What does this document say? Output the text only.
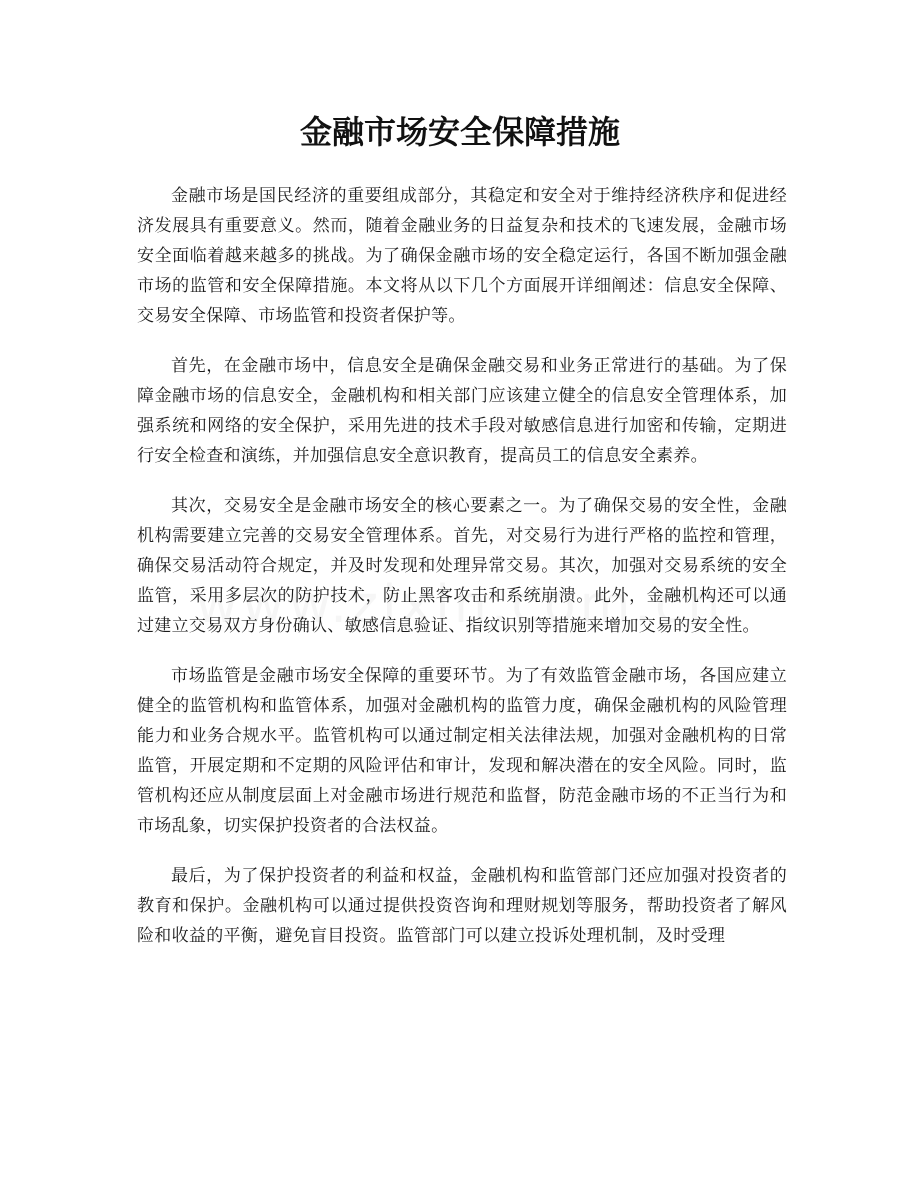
金融市场安全保障措施

金融市场是国民经济的重要组成部分，其稳定和安全对于维持经济秩序和促进经济发展具有重要意义。然而，随着金融业务的日益复杂和技术的飞速发展，金融市场安全面临着越来越多的挑战。为了确保金融市场的安全稳定运行，各国不断加强金融市场的监管和安全保障措施。本文将从以下几个方面展开详细阐述：信息安全保障、交易安全保障、市场监管和投资者保护等。

首先，在金融市场中，信息安全是确保金融交易和业务正常进行的基础。为了保障金融市场的信息安全，金融机构和相关部门应该建立健全的信息安全管理体系，加强系统和网络的安全保护，采用先进的技术手段对敏感信息进行加密和传输，定期进行安全检查和演练，并加强信息安全意识教育，提高员工的信息安全素养。

其次，交易安全是金融市场安全的核心要素之一。为了确保交易的安全性，金融机构需要建立完善的交易安全管理体系。首先，对交易行为进行严格的监控和管理，确保交易活动符合规定，并及时发现和处理异常交易。其次，加强对交易系统的安全监管，采用多层次的防护技术，防止黑客攻击和系统崩溃。此外，金融机构还可以通过建立交易双方身份确认、敏感信息验证、指纹识别等措施来增加交易的安全性。

市场监管是金融市场安全保障的重要环节。为了有效监管金融市场，各国应建立健全的监管机构和监管体系，加强对金融机构的监管力度，确保金融机构的风险管理能力和业务合规水平。监管机构可以通过制定相关法律法规，加强对金融机构的日常监管，开展定期和不定期的风险评估和审计，发现和解决潜在的安全风险。同时，监管机构还应从制度层面上对金融市场进行规范和监督，防范金融市场的不正当行为和市场乱象，切实保护投资者的合法权益。

最后，为了保护投资者的利益和权益，金融机构和监管部门还应加强对投资者的教育和保护。金融机构可以通过提供投资咨询和理财规划等服务，帮助投资者了解风险和收益的平衡，避免盲目投资。监管部门可以建立投诉处理机制，及时受理
